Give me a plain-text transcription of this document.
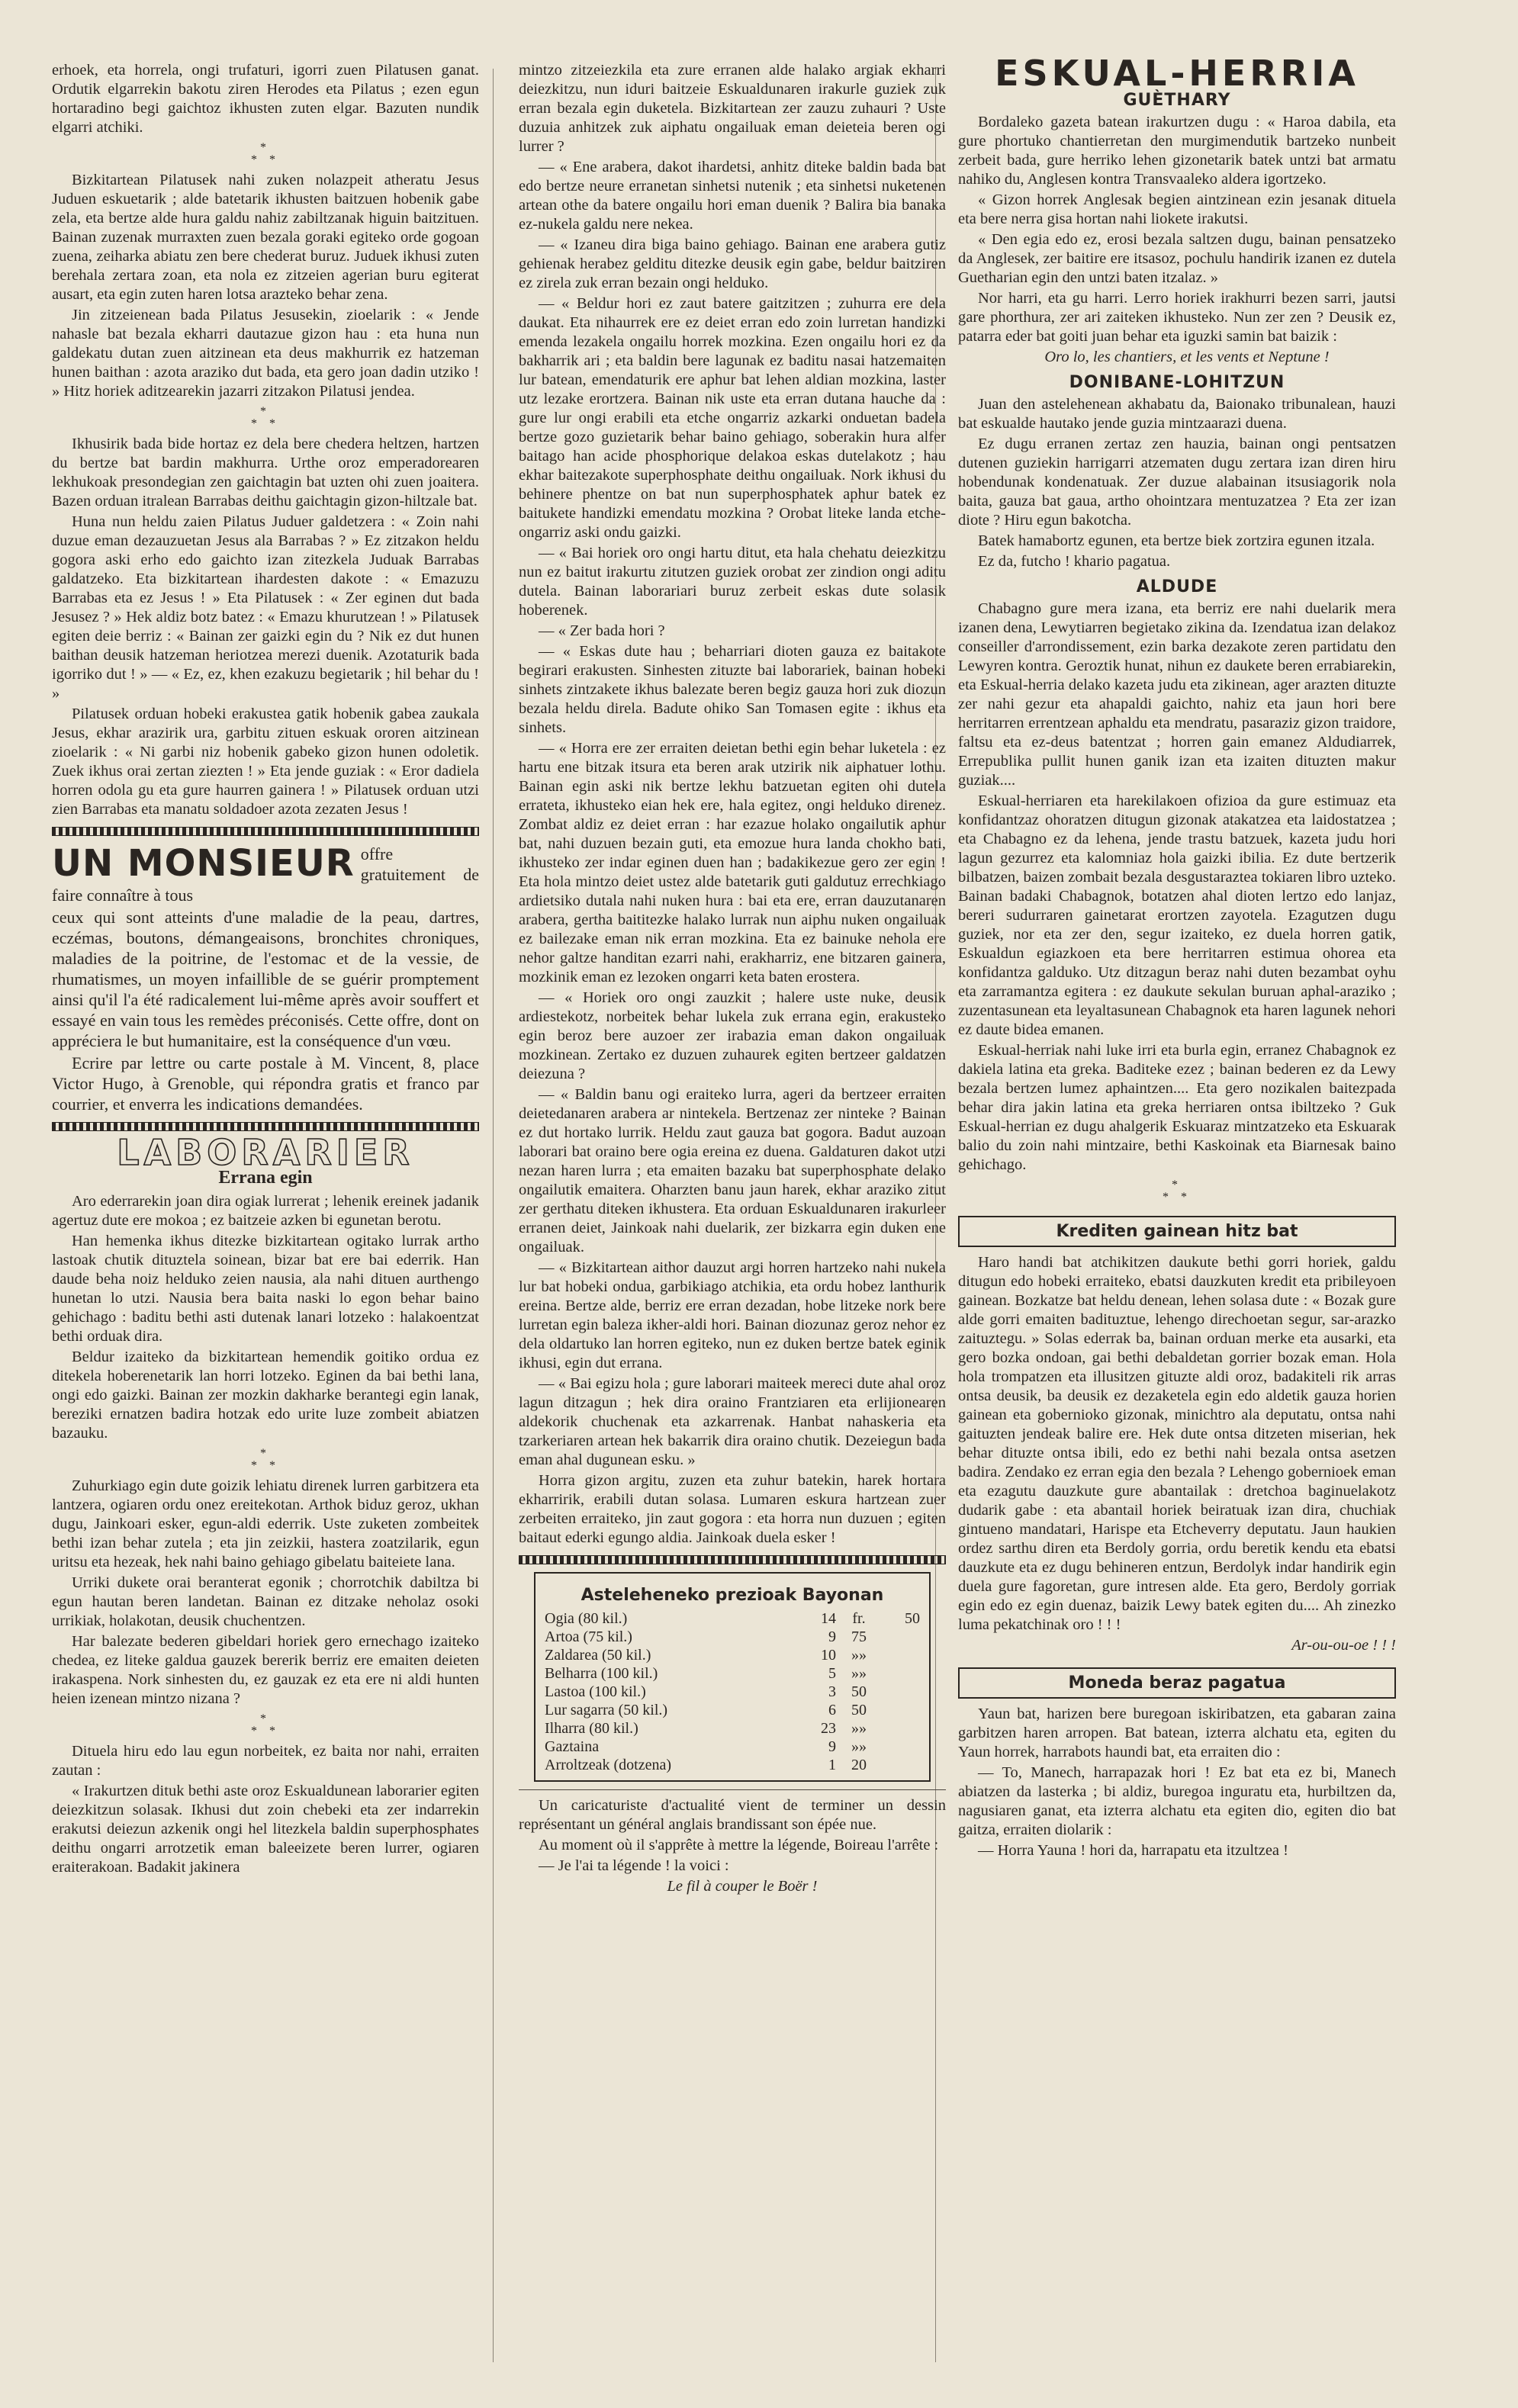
erhoek, eta horrela, ongi trufaturi, igorri zuen Pilatusen ganat. Ordutik elgarrekin bakotu ziren Herodes eta Pilatus ; ezen egun hortaradino begi gaichtoz ikhusten zuten elgar. Bazuten nundik elgarri atchiki.

*
* *

Bizkitartean Pilatusek nahi zuken nolazpeit atheratu Jesus Juduen eskuetarik ; alde batetarik ikhusten baitzuen hobenik gabe zela, eta bertze alde hura galdu nahiz zabiltzanak higuin baitzituen. Bainan zuzenak murraxten zuen bezala goraki egiteko orde gogoan zuena, zeiharka abiatu zen bere chederat buruz. Juduek ikhusi zuten berehala zertara zoan, eta nola ez zitzeien agerian buru egiterat ausart, eta egin zuten haren lotsa arazteko behar zena.

Jin zitzeienean bada Pilatus Jesusekin, zioelarik : « Jende nahasle bat bezala ekharri dautazue gizon hau : eta huna nun galdekatu dutan zuen aitzinean eta deus makhurrik ez hatzeman hunen baithan : azota araziko dut bada, eta gero joan dadin utziko ! » Hitz horiek aditzearekin jazarri zitzakon Pilatusi jendea.

*
* *

Ikhusirik bada bide hortaz ez dela bere chedera heltzen, hartzen du bertze bat bardin makhurra. Urthe oroz emperadorearen lekhukoak presondegian zen gaichtagin bat uzten ohi zuen joaitera. Bazen orduan itralean Barrabas deithu gaichtagin gizon-hiltzale bat.

Huna nun heldu zaien Pilatus Juduer galdetzera : « Zoin nahi duzue eman dezauzuetan Jesus ala Barrabas ? » Ez zitzakon heldu gogora aski erho edo gaichto izan zitezkela Juduak Barrabas galdatzeko. Eta bizkitartean ihardesten dakote : « Emazuzu Barrabas eta ez Jesus ! » Eta Pilatusek : « Zer eginen dut bada Jesusez ? » Hek aldiz botz batez : « Emazu khurutzean ! » Pilatusek egiten deie berriz : « Bainan zer gaizki egin du ? Nik ez dut hunen baithan deusik hatzeman heriotzea merezi duenik. Azotaturik bada igorriko dut ! » — « Ez, ez, khen ezakuzu begietarik ; hil behar du ! »

Pilatusek orduan hobeki erakustea gatik hobenik gabea zaukala Jesus, ekhar arazirik ura, garbitu zituen eskuak ororen aitzinean zioelarik : « Ni garbi niz hobenik gabeko gizon hunen odoletik. Zuek ikhus orai zertan ziezten ! » Eta jende guziak : « Eror dadiela horren odola gu eta gure haurren gainera ! » Pilatusek orduan utzi zien Barrabas eta manatu soldadoer azota zezaten Jesus !

UN MONSIEUR offre gratuitement de faire connaître à tous

ceux qui sont atteints d'une maladie de la peau, dartres, eczémas, boutons, démangeaisons, bronchites chroniques, maladies de la poitrine, de l'estomac et de la vessie, de rhumatismes, un moyen infaillible de se guérir promptement ainsi qu'il l'a été radicalement lui-même après avoir souffert et essayé en vain tous les remèdes préconisés. Cette offre, dont on appréciera le but humanitaire, est la conséquence d'un vœu.

Ecrire par lettre ou carte postale à M. Vincent, 8, place Victor Hugo, à Grenoble, qui répondra gratis et franco par courrier, et enverra les indications demandées.

LABORARIER
Errana egin

Aro ederrarekin joan dira ogiak lurrerat ; lehenik ereinek jadanik agertuz dute ere mokoa ; ez baitzeie azken bi egunetan berotu.

Han hemenka ikhus ditezke bizkitartean ogitako lurrak artho lastoak chutik dituztela soinean, bizar bat ere bai ederrik. Han daude beha noiz helduko zeien nausia, ala nahi dituen aurthengo hunetan lo utzi. Nausia bera baita naski lo egon behar baino gehichago : baditu bethi asti dutenak lanari lotzeko : halakoentzat bethi orduak dira.

Beldur izaiteko da bizkitartean hemendik goitiko ordua ez ditekela hoberenetarik lan horri lotzeko. Eginen da bai bethi lana, ongi edo gaizki. Bainan zer mozkin dakharke berantegi egin lanak, bereziki ernatzen badira hotzak edo urite luze zombeit abiatzen bazauku.

*
* *

Zuhurkiago egin dute goizik lehiatu direnek lurren garbitzera eta lantzera, ogiaren ordu onez ereitekotan. Arthok biduz geroz, ukhan dugu, Jainkoari esker, egun-aldi ederrik. Uste zuketen zombeitek bethi izan behar zutela ; eta jin zeizkii, hastera zoatzilarik, egun uritsu eta hezeak, hek nahi baino gehiago gibelatu baiteiete lana.

Urriki dukete orai beranterat egonik ; chorrotchik dabiltza bi egun hautan beren landetan. Bainan ez ditzake neholaz osoki urrikiak, holakotan, deusik chuchentzen.

Har balezate bederen gibeldari horiek gero ernechago izaiteko chedea, ez liteke galdua gauzek bererik berriz ere emaiten deieten irakaspena. Nork sinhesten du, ez gauzak ez eta ere ni aldi hunten heien izenean mintzo nizana ?

*
* *

Dituela hiru edo lau egun norbeitek, ez baita nor nahi, erraiten zautan :

« Irakurtzen dituk bethi aste oroz Eskualdunean laborarier egiten deiezkitzun solasak. Ikhusi dut zoin chebeki eta zer indarrekin erakutsi deiezun azkenik ongi hel litezkela baldin superphosphates deithu ongarri arrotzetik eman baleeizete beren lurrer, ogiaren eraiterakoan. Badakit jakinera

mintzo zitzeiezkila eta zure erranen alde halako argiak ekharri deiezkitzu, nun iduri baitzeie Eskualdunaren irakurle guziek zuk erran bezala egin duketela. Bizkitartean zer zauzu zuhauri ? Uste duzuia anhitzek zuk aiphatu ongailuak eman deieteia beren ogi lurrer ?

— « Ene arabera, dakot ihardetsi, anhitz diteke baldin bada bat edo bertze neure erranetan sinhetsi nutenik ; eta sinhetsi nuketenen artean othe da batere ongailu hori eman duenik ? Balira bia banaka ez-nukela galdu nere nekea.

— « Izaneu dira biga baino gehiago. Bainan ene arabera gutiz gehienak herabez gelditu ditezke deusik egin gabe, beldur baitziren ez zirela zuk erran bezain ongi helduko.

— « Beldur hori ez zaut batere gaitzitzen ; zuhurra ere dela daukat. Eta nihaurrek ere ez deiet erran edo zoin lurretan handizki emenda lezakela ongailu horrek mozkina. Ezen ongailu hori ez da bakharrik ari ; eta baldin bere lagunak ez baditu nasai hatzemaiten lur batean, emendaturik ere aphur bat lehen aldian mozkina, laster utz lezake erortzera. Bainan nik uste eta erran dutana hauche da : gure lur ongi erabili eta etche ongarriz azkarki onduetan badela bertze gozo guzietarik behar baino gehiago, soberakin hura alfer baitago han acide phosphorique delakoa eskas dutelakotz ; hau ekhar baitezakote superphosphate deithu ongailuak. Nork ikhusi du behinere phentze on bat nun superphosphatek aphur batek ez baitukete handizki emendatu mozkina ? Orobat liteke landa etche-ongarriz aski ondu gaizki.

— « Bai horiek oro ongi hartu ditut, eta hala chehatu deiezkitzu nun ez baitut irakurtu zitutzen guziek orobat zer zindion ongi aditu dutela. Bainan laborariari buruz zerbeit eskas dute solasik hoberenek.

— « Zer bada hori ?

— « Eskas dute hau ; beharriari dioten gauza ez baitakote begirari erakusten. Sinhesten zituzte bai laborariek, bainan hobeki sinhets zintzakete ikhus balezate beren begiz gauza hori zuk diozun bezala heldu direla. Badute ohiko San Tomasen egite : ikhus eta sinhets.

— « Horra ere zer erraiten deietan bethi egin behar luketela : ez hartu ene bitzak itsura eta beren arak utzirik nik aiphatuer lothu. Bainan egin aski nik bertze lekhu batzuetan egiten ohi dutela errateta, ikhusteko eian hek ere, hala egitez, ongi helduko direnez. Zombat aldiz ez deiet erran : har ezazue holako ongailutik aphur bat, nahi duzuen bezain guti, eta emozue hura landa chokho bati, ikhusteko zer indar eginen duen han ; badakikezue gero zer egin ! Eta hola mintzo deiet ustez alde batetarik guti galdutuz errechkiago ardietsiko dutala nahi nuken hura : bai eta ere, erran dauzutanaren arabera, gertha baititezke halako lurrak nun aiphu nuken ongailuak ez bailezake eman nik erran mozkina. Eta ez bainuke nehola ere nehor galtze handitan ezarri nahi, erakharriz, ene bitzaren gainera, mozkinik eman ez lezoken ongarri keta baten erostera.

— « Horiek oro ongi zauzkit ; halere uste nuke, deusik ardiestekotz, norbeitek behar lukela zuk errana egin, erakusteko egin beroz bere auzoer zer irabazia eman dakon ongailuak mozkinean. Zertako ez duzuen zuhaurek egiten bertzeer galdatzen deiezuna ?

— « Baldin banu ogi eraiteko lurra, ageri da bertzeer erraiten deietedanaren arabera ar nintekela. Bertzenaz zer ninteke ? Bainan ez dut hortako lurrik. Heldu zaut gauza bat gogora. Badut auzoan laborari bat oraino bere ogia ereina ez duena. Galdaturen dakot utzi nezan haren lurra ; eta emaiten bazaku bat superphosphate delako ongailutik emaitera. Oharzten banu jaun harek, ekhar araziko zitut zer gerthatu diteken ikhustera. Eta orduan Eskualdunaren irakurleer erranen deiet, Jainkoak nahi duelarik, zer bizkarra egin duken ene ongailuak.

— « Bizkitartean aithor dauzut argi horren hartzeko nahi nukela lur bat hobeki ondua, garbikiago atchikia, eta ordu hobez lanthurik ereina. Bertze alde, berriz ere erran dezadan, hobe litzeke nork bere lurretan egin baleza ikher-aldi hori. Bainan diozunaz geroz nehor ez dela oldartuko lan horren egiteko, nun ez duken bertze batek eginik ikhusi, egin dut errana.

— « Bai egizu hola ; gure laborari maiteek mereci dute ahal oroz lagun ditzagun ; hek dira oraino Frantziaren eta erlijionearen aldekorik chuchenak eta azkarrenak. Hanbat nahaskeria eta tzarkeriaren artean hek bakarrik dira oraino chutik. Dezeiegun bada eman ahal dugunean esku. »

Horra gizon argitu, zuzen eta zuhur batekin, harek hortara ekharririk, erabili dutan solasa. Lumaren eskura hartzean zuer zerbeiten erraiteko, jin zaut gogora : eta horra nun duzuen ; egiten baitaut ederki egungo aldia. Jainkoak duela esker !

Asteleheneko prezioak Bayonan
Ogia (80 kil.)	14	fr.	50
Artoa (75 kil.)	9	75
Zaldarea (50 kil.)	10	»»
Belharra (100 kil.)	5	»»
Lastoa (100 kil.)	3	50
Lur sagarra (50 kil.)	6	50
Ilharra (80 kil.)	23	»»
Gaztaina	9	»»
Arroltzeak (dotzena)	1	20

Un caricaturiste d'actualité vient de terminer un dessin représentant un général anglais brandissant son épée nue.

Au moment où il s'apprête à mettre la légende, Boireau l'arrête :

— Je l'ai ta légende ! la voici :

Le fil à couper le Boër !

ESKUAL-HERRIA
GUÈTHARY

Bordaleko gazeta batean irakurtzen dugu : « Haroa dabila, eta gure phortuko chantierretan den murgimendutik bartzeko nunbeit zerbeit bada, gure herriko lehen gizonetarik batek untzi bat armatu nahiko du, Anglesen kontra Transvaaleko aldera igortzeko.

« Gizon horrek Anglesak begien aintzinean ezin jesanak dituela eta bere nerra gisa hortan nahi liokete irakutsi.

« Den egia edo ez, erosi bezala saltzen dugu, bainan pensatzeko da Anglesek, zer baitire ere itsasoz, pochulu handirik izanen ez dutela Guetharian egin den untzi baten itzalaz. »

Nor harri, eta gu harri. Lerro horiek irakhurri bezen sarri, jautsi gare phorthura, zer ari zaiteken ikhusteko. Nun zer zen ? Deusik ez, patarra eder bat goiti juan behar eta iguzki samin bat baizik :

Oro lo, les chantiers, et les vents et Neptune !

DONIBANE-LOHITZUN

Juan den astelehenean akhabatu da, Baionako tribunalean, hauzi bat eskualde hautako jende guzia mintzaarazi duena.

Ez dugu erranen zertaz zen hauzia, bainan ongi pentsatzen dutenen guziekin harrigarri atzematen dugu zertara izan diren hiru hobendunak kondenatuak. Zer duzue alabainan itsusiagorik nola baita, gauza bat gaua, artho ohointzara mentuzatzea ? Eta zer izan diote ? Hiru egun bakotcha.

Batek hamabortz egunen, eta bertze biek zortzira egunen itzala.

Ez da, futcho ! khario pagatua.

ALDUDE

Chabagno gure mera izana, eta berriz ere nahi duelarik mera izanen dena, Lewytiarren begietako zikina da. Izendatua izan delakoz conseiller d'arrondissement, ezin barka dezakote zeren partidatu den Lewyren kontra. Geroztik hunat, nihun ez daukete beren errabiarekin, eta Eskual-herria delako kazeta judu eta zikinean, ager arazten dituzte zer nahi gezur eta ahapaldi gaichto, nahiz eta jaun hori bere herritarren errentzean aphaldu eta mendratu, pasaraziz gizon traidore, faltsu eta ez-deus batentzat ; horren gain emanez Aldudiarrek, Errepublika pullit hunen ganik izan eta izaiten dituzten makur guziak....

Eskual-herriaren eta harekilakoen ofizioa da gure estimuaz eta konfidantzaz ohoratzen ditugun gizonak atakatzea eta laidostatzea ; eta Chabagno ez da lehena, jende trastu batzuek, kazeta judu hori lagun gezurrez eta kalomniaz hola gaizki ibilia. Ez dute bertzerik bilbatzen, baizen zombait bezala desgustaraztea tokiaren libro uzteko. Bainan badaki Chabagnok, botatzen ahal dioten lertzo edo lanjaz, bereri sudurraren gainetarat erortzen zayotela. Ezagutzen dugu guziek, nor eta zer den, segur izaiteko, ez duela horren gatik, Eskualdun egiazkoen eta bere herritarren estimua ohorea eta konfidantza galduko. Utz ditzagun beraz nahi duten bezambat oyhu eta zarramantza egitera : ez daukute sekulan buruan aphal-araziko ; zuzentasunean eta leyaltasunean Chabagnok eta haren lagunek nehori ez daute bidea emanen.

Eskual-herriak nahi luke irri eta burla egin, erranez Chabagnok ez dakiela latina eta greka. Baditeke ezez ; bainan bederen ez da Lewy bezala bertzen lumez aphaintzen.... Eta gero nozikalen baitezpada behar dira jakin latina eta greka herriaren ontsa ibiltzeko ? Guk Eskual-herrian ez dugu ahalgerik Eskuaraz mintzatzeko eta Eskuarak balio du zoin nahi mintzaire, bethi Kaskoinak eta Biarnesak baino gehichago.

*
* *
Krediten gainean hitz bat

Haro handi bat atchikitzen daukute bethi gorri horiek, galdu ditugun edo hobeki erraiteko, ebatsi dauzkuten kredit eta pribileyoen gainean. Bozkatze bat heldu denean, lehen solasa dute : « Bozak gure alde gorri emaiten badituztue, lehengo direchoetan segur, sar-arazko zaituztegu. » Solas ederrak ba, bainan orduan merke eta ausarki, eta gero bozka ondoan, gai bethi debaldetan gorrier bozak eman. Hola hola trompatzen eta illusitzen gituzte aldi oroz, badakiteli rik arras ontsa deusik, ba deusik ez dezaketela egin edo aldetik gauza horien gainean eta gobernioko gizonak, minichtro ala deputatu, ontsa nahi gaituzten jendeak balire ere. Hek dute ontsa ditzeten miserian, hek behar dituzte ontsa ibili, edo ez bethi nahi bezala ontsa asetzen badira. Zendako ez erran egia den bezala ? Lehengo gobernioek eman eta ezagutu dauzkute gure abantailak : dretchoa baginuelakotz dudarik gabe : eta abantail horiek beiratuak izan dira, chuchiak gintueno mandatari, Harispe eta Etcheverry deputatu. Jaun haukien ordez sarthu diren eta Berdoly gorria, ordu beretik kendu eta ebatsi dauzkute eta ez dugu behineren entzun, Berdolyk indar handirik egin duela gure fagoretan, gure intresen alde. Eta gero, Berdoly gorriak egin edo ez egin duenaz, baizik Lewy batek egiten du.... Ah zinezko luma pekatchinak oro ! ! !

Ar-ou-ou-oe ! ! !

Moneda beraz pagatua

Yaun bat, harizen bere buregoan iskiribatzen, eta gabaran zaina garbitzen haren arropen. Bat batean, izterra alchatu eta, egiten du Yaun horrek, harrabots haundi bat, eta erraiten dio :

— To, Manech, harrapazak hori ! Ez bat eta ez bi, Manech abiatzen da lasterka ; bi aldiz, buregoa inguratu eta, hurbiltzen da, nagusiaren ganat, eta izterra alchatu eta egiten dio, egiten dio bat gaitza, erraiten diolarik :

— Horra Yauna ! hori da, harrapatu eta itzultzea !
